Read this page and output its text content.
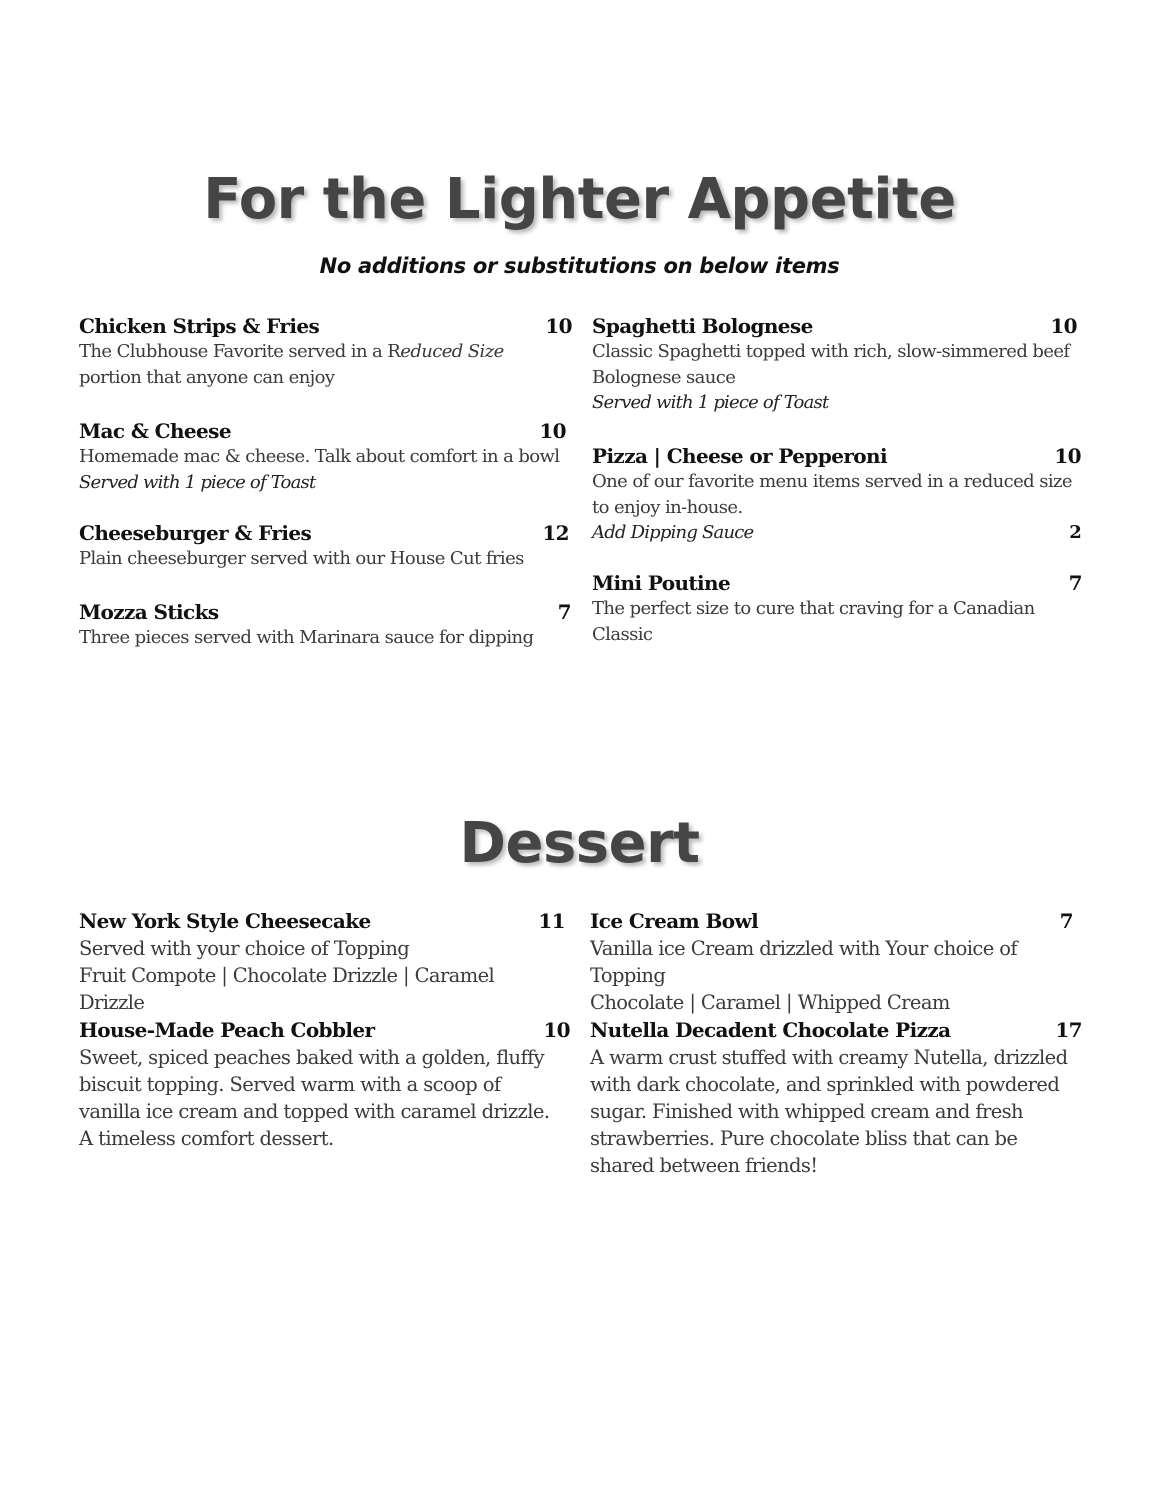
For the Lighter Appetite

No additions or substitutions on below items

Chicken Strips & Fries	10
The Clubhouse Favorite served in a Reduced Size portion that anyone can enjoy
Mac & Cheese	10
Homemade mac & cheese. Talk about comfort in a bowl
Served with 1 piece of Toast
Cheeseburger & Fries	12
Plain cheeseburger served with our House Cut fries
Mozza Sticks	7
Three pieces served with Marinara sauce for dipping
Spaghetti Bolognese	10
Classic Spaghetti topped with rich, slow-simmered beef Bolognese sauce
Served with 1 piece of Toast
Pizza | Cheese or Pepperoni	10
One of our favorite menu items served in a reduced size to enjoy in-house.
Add Dipping Sauce	2
Mini Poutine	7
The perfect size to cure that craving for a Canadian Classic
Dessert
New York Style Cheesecake	11
Served with your choice of Topping
Fruit Compote | Chocolate Drizzle | Caramel Drizzle
House-Made Peach Cobbler	10
Sweet, spiced peaches baked with a golden, fluffy biscuit topping. Served warm with a scoop of vanilla ice cream and topped with caramel drizzle. A timeless comfort dessert.
Ice Cream Bowl	7
Vanilla ice Cream drizzled with Your choice of Topping
Chocolate | Caramel | Whipped Cream
Nutella Decadent Chocolate Pizza	17
A warm crust stuffed with creamy Nutella, drizzled with dark chocolate, and sprinkled with powdered sugar. Finished with whipped cream and fresh strawberries. Pure chocolate bliss that can be shared between friends!
